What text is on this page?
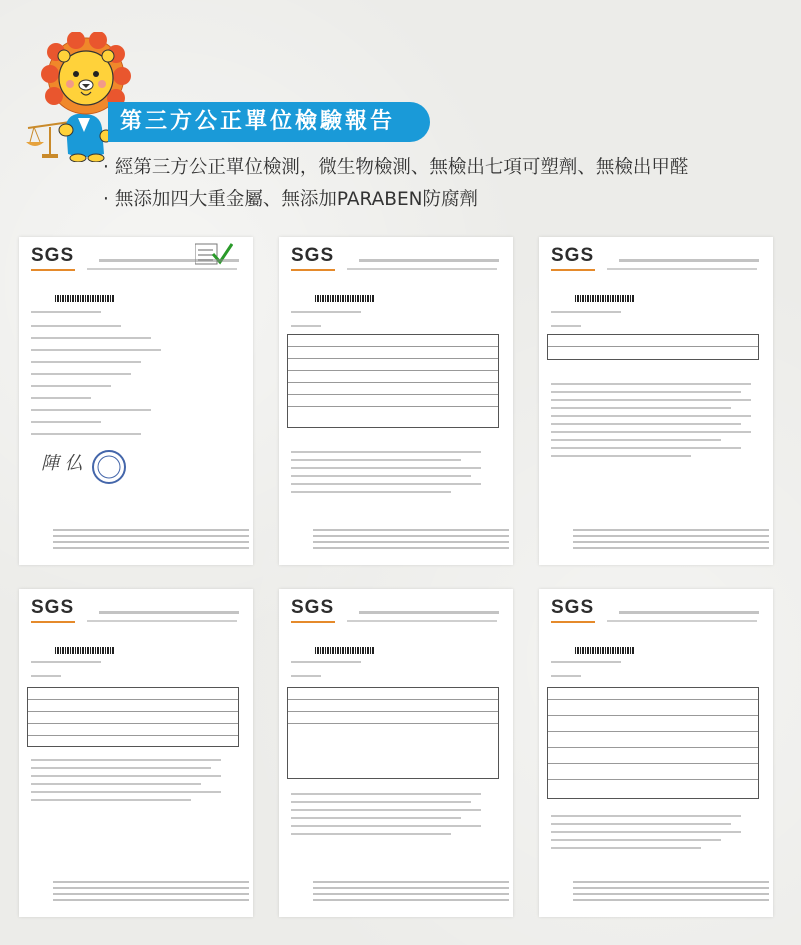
第三方公正單位檢驗報告
· 經第三方公正單位檢測，微生物檢測、無檢出七項可塑劑、無檢出甲醛
· 無添加四大重金屬、無添加PARABEN防腐劑
SGS
陣 仏
SGS	SGS
SGS	SGS	SGS
